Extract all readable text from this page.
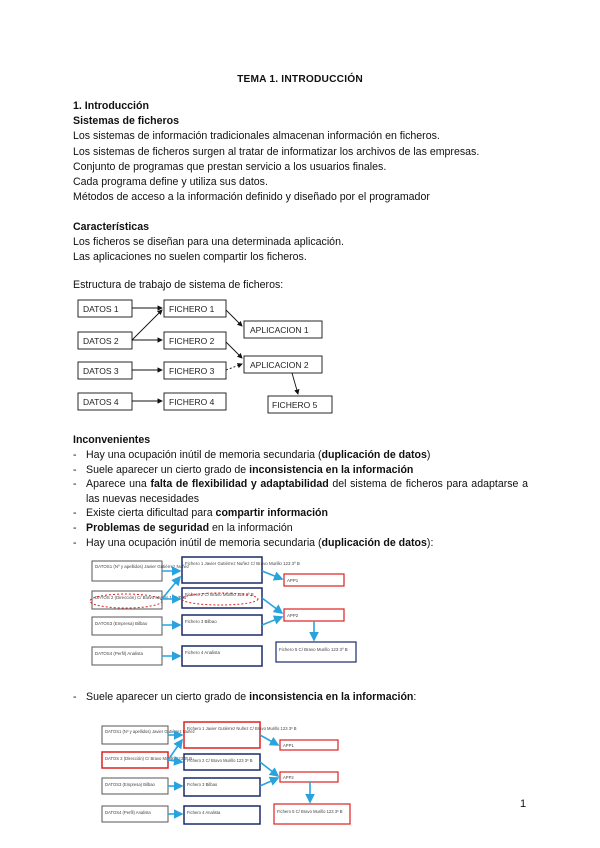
TEMA 1. INTRODUCCIÓN
1. Introducción
Sistemas de ficheros
Los sistemas de información tradicionales almacenan información en ficheros.
Los sistemas de ficheros surgen al tratar de informatizar los archivos de las empresas.
Conjunto de programas que prestan servicio a los usuarios finales.
Cada programa define y utiliza sus datos.
Métodos de acceso a la información definido y diseñado por el programador
Características
Los ficheros se diseñan para una determinada aplicación.
Las aplicaciones no suelen compartir los ficheros.
Estructura de trabajo de sistema de ficheros:
DATOS 1
DATOS 2
DATOS 3
DATOS 4
FICHERO 1
FICHERO 2
FICHERO 3
FICHERO 4	FICHERO 5
APLICACION 1
APLICACION 2
Inconvenientes
- Hay una ocupación inútil de memoria secundaria (duplicación de datos)
- Suele aparecer un cierto grado de inconsistencia en la información
- Aparece una falta de flexibilidad y adaptabilidad del sistema de ficheros para adaptarse a las nuevas necesidades
- Existe cierta dificultad para compartir información
- Problemas de seguridad en la información
- Hay una ocupación inútil de memoria secundaria (duplicación de datos):
DATOS1 (Nº y apellidos) Javier Gutiérrez Nuñez
DATOS 2 (Dirección) C/ Bravo Murillo 123 3º B
DATOS3 (Empresa) Bilbao
DATOS4 (Perfil) Analista
Fichero 1 Javier Gutiérrez Nuñez C/ Bravo Murillo 123 3º B
Fichero 2 C/ Bravo Murillo 123 3º B
Fichero 3 Bilbao
Fichero 4 Analista
APP1
APP2
Fichero 5 C/ Bravo Murillo 123 3º B
- Suele aparecer un cierto grado de inconsistencia en la información:
DATOS1 (Nº y apellidos) Javier Gutiérrez Nuñez
DATOS 2 (Dirección) C/ Bravo Murillo 123 3º B
DATOS3 (Empresa) Bilbao
DATOS4 (Perfil) Analista
Fichero 1 Javier Gutiérrez Nuñez C/ Bravo Murillo 123 3º B
Fichero 2 C/ Bravo Murillo 123 3º B
Fichero 3 Bilbao
Fichero 4 Analista
APP1
APP2
Fichero 5 C/ Bravo Murillo 123 3º B
1
